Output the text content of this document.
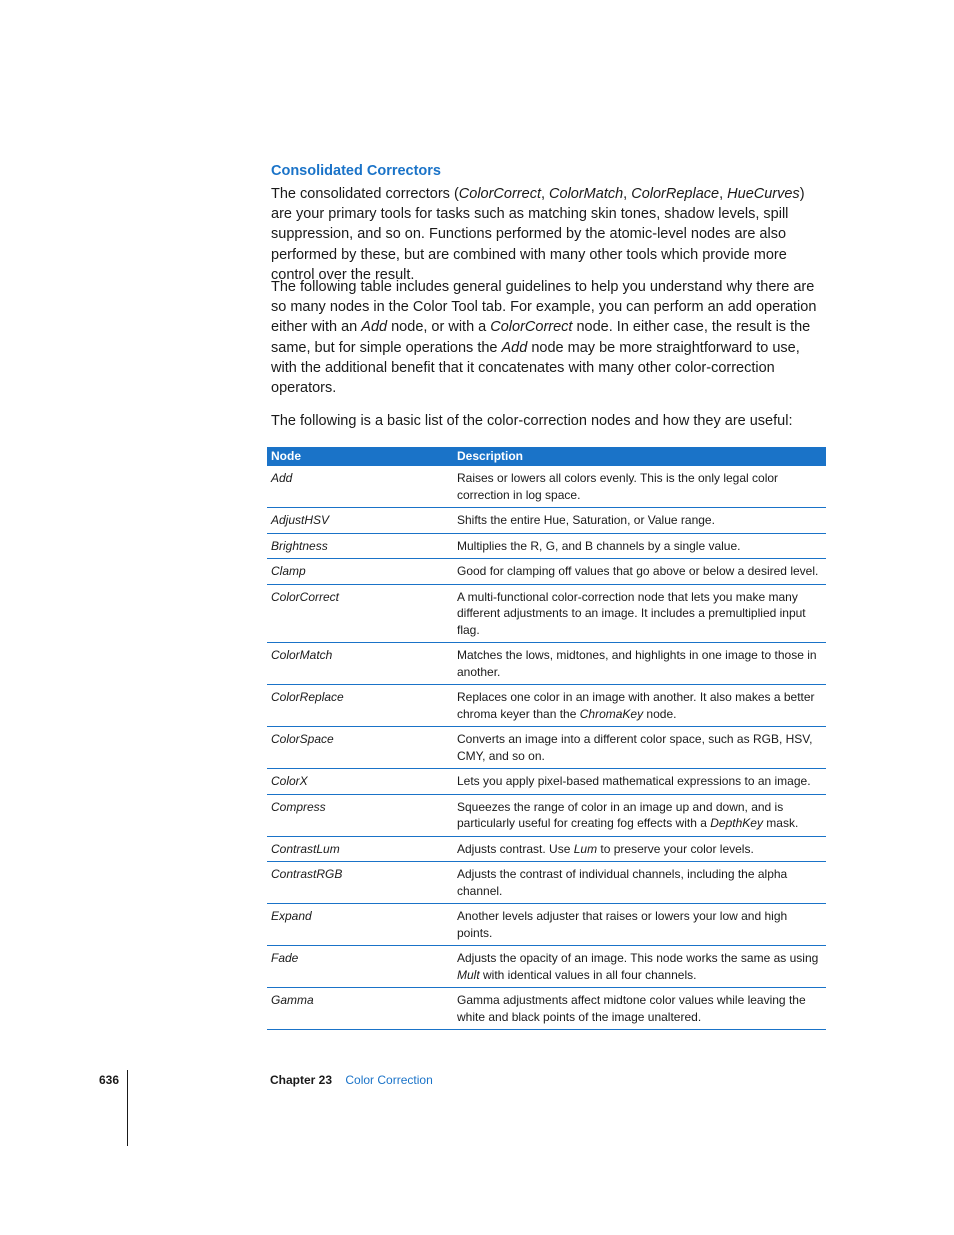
Consolidated Correctors

The consolidated correctors (ColorCorrect, ColorMatch, ColorReplace, HueCurves) are your primary tools for tasks such as matching skin tones, shadow levels, spill suppression, and so on. Functions performed by the atomic-level nodes are also performed by these, but are combined with many other tools which provide more control over the result.

The following table includes general guidelines to help you understand why there are so many nodes in the Color Tool tab. For example, you can perform an add operation either with an Add node, or with a ColorCorrect node. In either case, the result is the same, but for simple operations the Add node may be more straightforward to use, with the additional benefit that it concatenates with many other color-correction operators.

The following is a basic list of the color-correction nodes and how they are useful:

Node	Description
Add	Raises or lowers all colors evenly. This is the only legal color correction in log space.
AdjustHSV	Shifts the entire Hue, Saturation, or Value range.
Brightness	Multiplies the R, G, and B channels by a single value.
Clamp	Good for clamping off values that go above or below a desired level.
ColorCorrect	A multi-functional color-correction node that lets you make many different adjustments to an image. It includes a premultiplied input flag.
ColorMatch	Matches the lows, midtones, and highlights in one image to those in another.
ColorReplace	Replaces one color in an image with another. It also makes a better chroma keyer than the ChromaKey node.
ColorSpace	Converts an image into a different color space, such as RGB, HSV, CMY, and so on.
ColorX	Lets you apply pixel-based mathematical expressions to an image.
Compress	Squeezes the range of color in an image up and down, and is particularly useful for creating fog effects with a DepthKey mask.
ContrastLum	Adjusts contrast. Use Lum to preserve your color levels.
ContrastRGB	Adjusts the contrast of individual channels, including the alpha channel.
Expand	Another levels adjuster that raises or lowers your low and high points.
Fade	Adjusts the opacity of an image. This node works the same as using Mult with identical values in all four channels.
Gamma	Gamma adjustments affect midtone color values while leaving the white and black points of the image unaltered.
636	Chapter 23 Color Correction
